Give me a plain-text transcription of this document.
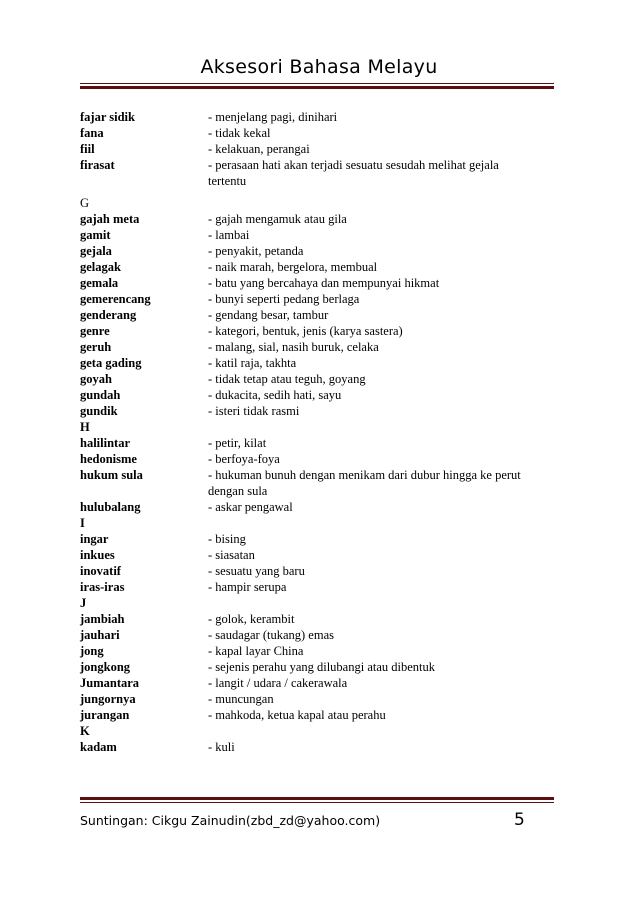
Aksesori Bahasa Melayu
fajar sidik	- menjelang pagi, dinihari
fana	- tidak kekal
fiil	- kelakuan, perangai
firasat	- perasaan hati akan terjadi sesuatu sesudah melihat gejala tertentu
G
gajah meta	- gajah mengamuk atau gila
gamit	- lambai
gejala	- penyakit, petanda
gelagak	- naik marah, bergelora, membual
gemala	- batu yang bercahaya dan mempunyai hikmat
gemerencang	- bunyi seperti pedang berlaga
genderang	- gendang besar, tambur
genre	- kategori, bentuk, jenis (karya sastera)
geruh	- malang, sial, nasih buruk, celaka
geta gading	- katil raja, takhta
goyah	- tidak tetap atau teguh, goyang
gundah	- dukacita, sedih hati, sayu
gundik	- isteri tidak rasmi
H
halilintar	- petir, kilat
hedonisme	- berfoya-foya
hukum sula	- hukuman bunuh dengan menikam dari dubur hingga ke perut dengan sula
hulubalang	- askar pengawal
I
ingar	- bising
inkues	- siasatan
inovatif	- sesuatu yang baru
iras-iras	- hampir serupa
J
jambiah	- golok, kerambit
jauhari	- saudagar (tukang) emas
jong	- kapal layar China
jongkong	- sejenis perahu yang dilubangi atau dibentuk
Jumantara	- langit / udara / cakerawala
jungornya	- muncungan
jurangan	- mahkoda, ketua kapal atau perahu
K
kadam	- kuli
Suntingan: Cikgu Zainudin(zbd_zd@yahoo.com)	5
